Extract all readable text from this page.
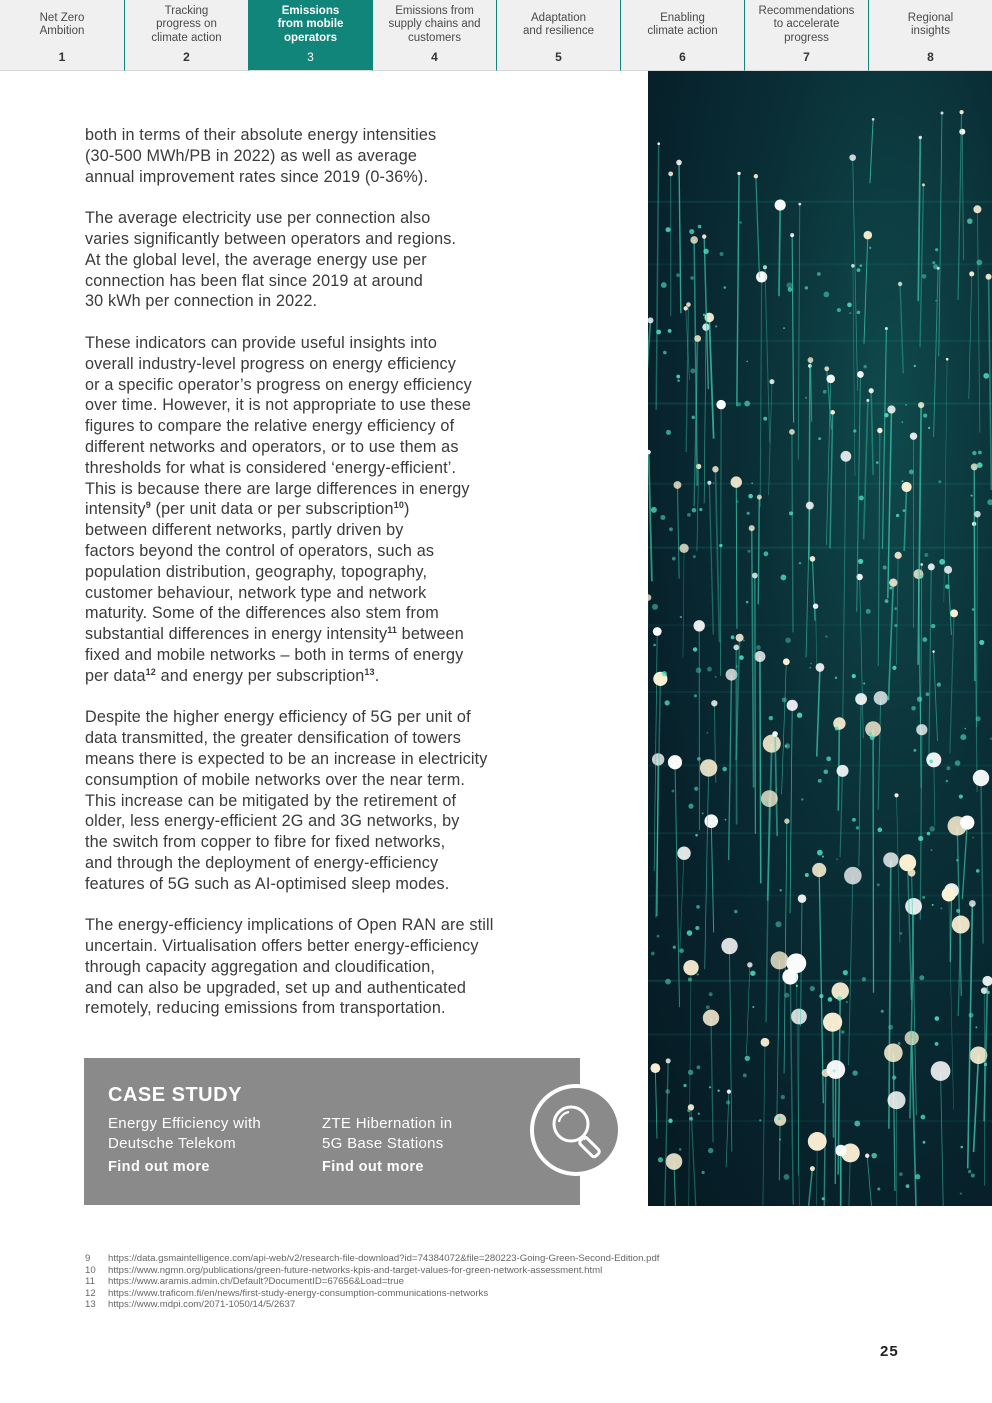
Net Zero
Ambition
1
Tracking
progress on
climate action
2
Emissions
from mobile
operators
3
Emissions from
supply chains and
customers
4
Adaptation
and resilience
5
Enabling
climate action
6
Recommendations
to accelerate
progress
7
Regional
insights
8

both in terms of their absolute energy intensities
(30-500 MWh/PB in 2022) as well as average
annual improvement rates since 2019 (0-36%).

The average electricity use per connection also
varies significantly between operators and regions.
At the global level, the average energy use per
connection has been flat since 2019 at around
30 kWh per connection in 2022.

These indicators can provide useful insights into
overall industry-level progress on energy efficiency
or a specific operator’s progress on energy efficiency
over time. However, it is not appropriate to use these
figures to compare the relative energy efficiency of
different networks and operators, or to use them as
thresholds for what is considered ‘energy-efficient’.
This is because there are large differences in energy
intensity$^9$ (per unit data or per subscription$^{10}$)
between different networks, partly driven by
factors beyond the control of operators, such as
population distribution, geography, topography,
customer behaviour, network type and network
maturity. Some of the differences also stem from
substantial differences in energy intensity$^{11}$ between
fixed and mobile networks – both in terms of energy
per data$^{12}$ and energy per subscription$^{13}$.

Despite the higher energy efficiency of 5G per unit of
data transmitted, the greater densification of towers
means there is expected to be an increase in electricity
consumption of mobile networks over the near term.
This increase can be mitigated by the retirement of
older, less energy-efficient 2G and 3G networks, by
the switch from copper to fibre for fixed networks,
and through the deployment of energy-efficiency
features of 5G such as AI-optimised sleep modes.

The energy-efficiency implications of Open RAN are still
uncertain. Virtualisation offers better energy-efficiency
through capacity aggregation and cloudification,
and can also be upgraded, set up and authenticated
remotely, reducing emissions from transportation.

CASE STUDY
Energy Efficiency with
Deutsche Telekom
Find out more
ZTE Hibernation in
5G Base Stations
Find out more
9	https://data.gsmaintelligence.com/api-web/v2/research-file-download?id=74384072&file=280223-Going-Green-Second-Edition.pdf
10	https://www.ngmn.org/publications/green-future-networks-kpis-and-target-values-for-green-network-assessment.html
11	https://www.aramis.admin.ch/Default?DocumentID=67656&Load=true
12	https://www.traficom.fi/en/news/first-study-energy-consumption-communications-networks
13	https://www.mdpi.com/2071-1050/14/5/2637
25
